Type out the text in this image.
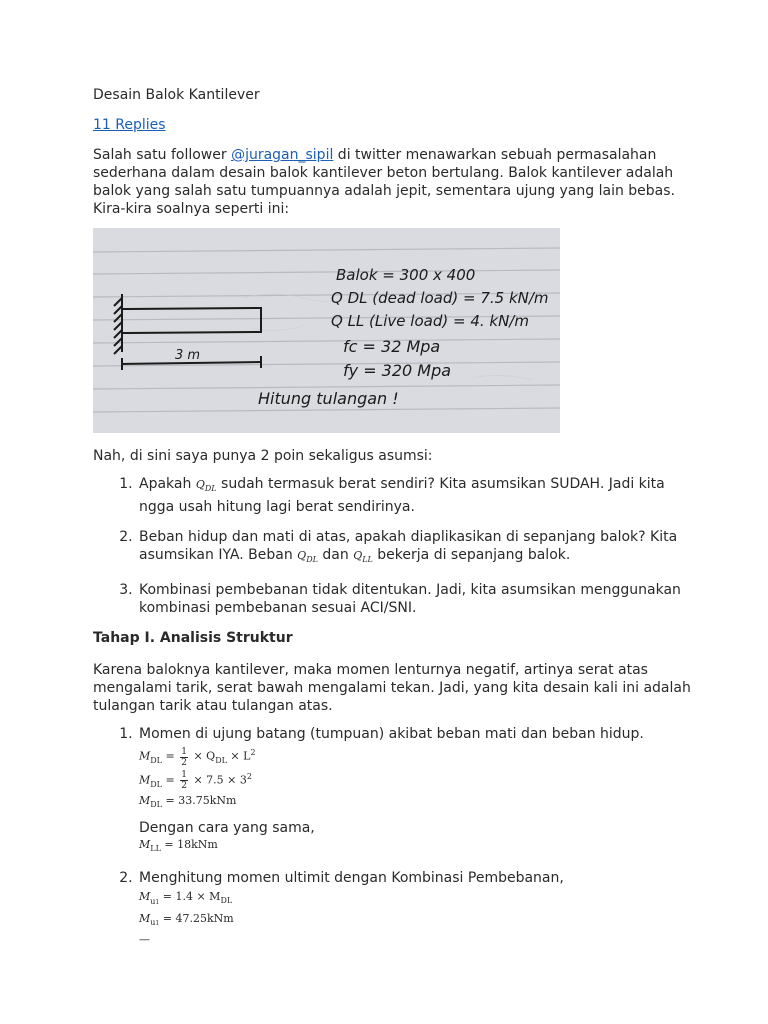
Desain Balok Kantilever
11 Replies

Salah satu follower @juragan_sipil di twitter menawarkan sebuah permasalahan sederhana dalam desain balok kantilever beton bertulang. Balok kantilever adalah balok yang salah satu tumpuannya adalah jepit, sementara ujung yang lain bebas. Kira-kira soalnya seperti ini:

3 m
Balok = 300 x 400
Q DL (dead load) = 7.5 kN/m
Q LL (Live load) = 4. kN/m
fc = 32 Mpa
fy = 320 Mpa
Hitung tulangan !

Nah, di sini saya punya 2 poin sekaligus asumsi:

1. Apakah $Q_{DL}$ sudah termasuk berat sendiri? Kita asumsikan SUDAH. Jadi kita ngga usah hitung lagi berat sendirinya.
2. Beban hidup dan mati di atas, apakah diaplikasikan di sepanjang balok? Kita asumsikan IYA. Beban $Q_{DL}$ dan $Q_{LL}$ bekerja di sepanjang balok.
3. Kombinasi pembebanan tidak ditentukan. Jadi, kita asumsikan menggunakan kombinasi pembebanan sesuai ACI/SNI.
Tahap I. Analisis Struktur

Karena baloknya kantilever, maka momen lenturnya negatif, artinya serat atas mengalami tarik, serat bawah mengalami tekan. Jadi, yang kita desain kali ini adalah tulangan tarik atau tulangan atas.

1. Momen di ujung batang (tumpuan) akibat beban mati dan beban hidup.
$M_{DL} = \frac{1}{2} \times Q_{DL} \times L^2$
$M_{DL} = \frac{1}{2} \times 7.5 \times 3^2$
$M_{DL} = 33.75kNm$
Dengan cara yang sama,
$M_{LL} = 18kNm$
2. Menghitung momen ultimit dengan Kombinasi Pembebanan,
$M_{u1} = 1.4 \times M_{DL}$
$M_{u1} = 47.25kNm$
—
